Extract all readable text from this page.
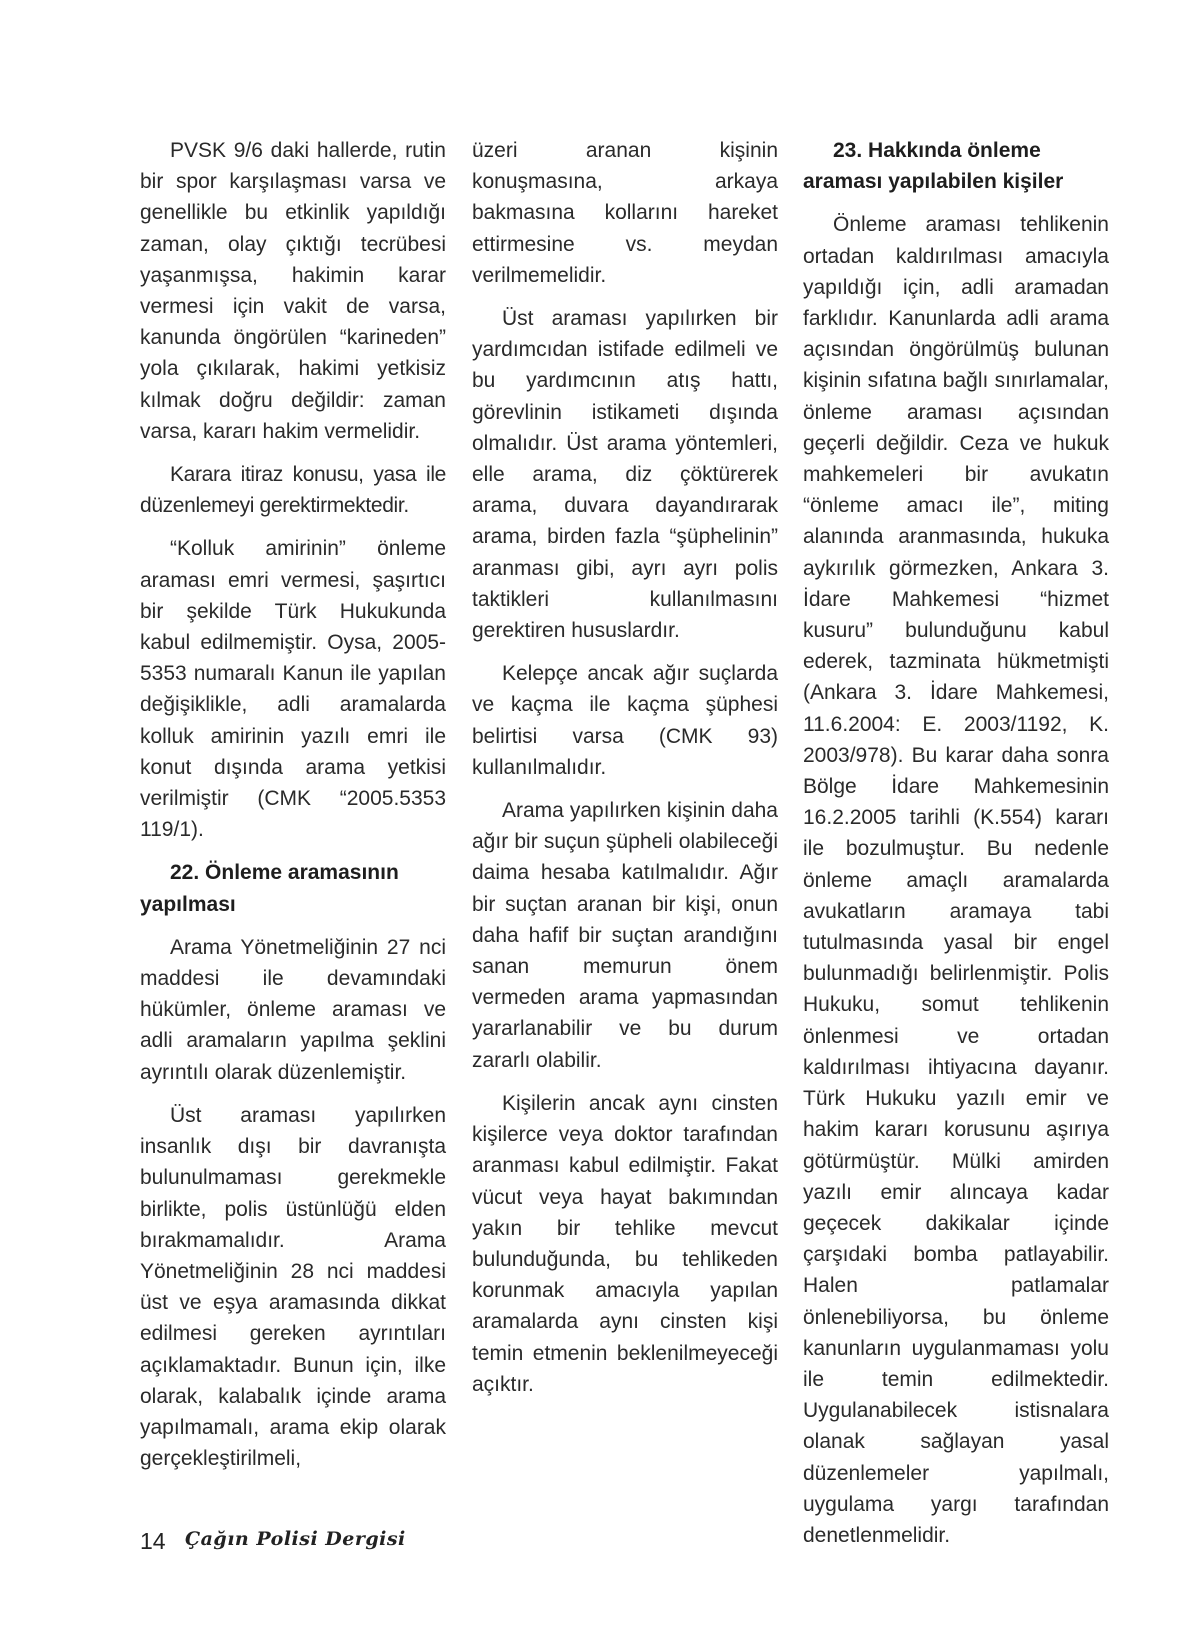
PVSK 9/6 daki hallerde, rutin bir spor karşılaşması varsa ve genellikle bu etkinlik yapıldığı zaman, olay çıktığı tecrübesi yaşanmışsa, hakimin karar vermesi için vakit de varsa, kanunda öngörülen “karineden” yola çıkılarak, hakimi yetkisiz kılmak doğru değildir: zaman varsa, kararı hakim vermelidir.

Karara itiraz konusu, yasa ile düzenlemeyi gerektirmektedir.

“Kolluk amirinin” önleme araması emri vermesi, şaşırtıcı bir şekilde Türk Hukukunda kabul edilmemiştir. Oysa, 2005-5353 numaralı Kanun ile yapılan değişiklikle, adli aramalarda kolluk amirinin yazılı emri ile konut dışında arama yetkisi verilmiştir (CMK “2005.5353 119/1).

22. Önleme aramasının yapılması

Arama Yönetmeliğinin 27 nci maddesi ile devamındaki hükümler, önleme araması ve adli aramaların yapılma şeklini ayrıntılı olarak düzenlemiştir.

Üst araması yapılırken insanlık dışı bir davranışta bulunulmaması gerekmekle birlikte, polis üstünlüğü elden bırakmamalıdır. Arama Yönetmeliğinin 28 nci maddesi üst ve eşya aramasında dikkat edilmesi gereken ayrıntıları açıklamaktadır. Bunun için, ilke olarak, kalabalık içinde arama yapılmamalı, arama ekip olarak gerçekleştirilmeli,

üzeri aranan kişinin konuşmasına, arkaya bakmasına kollarını hareket ettirmesine vs. meydan verilmemelidir.

Üst araması yapılırken bir yardımcıdan istifade edilmeli ve bu yardımcının atış hattı, görevlinin istikameti dışında olmalıdır. Üst arama yöntemleri, elle arama, diz çöktürerek arama, duvara dayandırarak arama, birden fazla “şüphelinin” aranması gibi, ayrı ayrı polis taktikleri kullanılmasını gerektiren hususlardır.

Kelepçe ancak ağır suçlarda ve kaçma ile kaçma şüphesi belirtisi varsa (CMK 93) kullanılmalıdır.

Arama yapılırken kişinin daha ağır bir suçun şüpheli olabileceği daima hesaba katılmalıdır. Ağır bir suçtan aranan bir kişi, onun daha hafif bir suçtan arandığını sanan memurun önem vermeden arama yapmasından yararlanabilir ve bu durum zararlı olabilir.

Kişilerin ancak aynı cinsten kişilerce veya doktor tarafından aranması kabul edilmiştir. Fakat vücut veya hayat bakımından yakın bir tehlike mevcut bulunduğunda, bu tehlikeden korunmak amacıyla yapılan aramalarda aynı cinsten kişi temin etmenin beklenilmeyeceği açıktır.

23. Hakkında önleme araması yapılabilen kişiler

Önleme araması tehlikenin ortadan kaldırılması amacıyla yapıldığı için, adli aramadan farklıdır. Kanunlarda adli arama açısından öngörülmüş bulunan kişinin sıfatına bağlı sınırlamalar, önleme araması açısından geçerli değildir. Ceza ve hukuk mahkemeleri bir avukatın “önleme amacı ile”, miting alanında aranmasında, hukuka aykırılık görmezken, Ankara 3. İdare Mahkemesi “hizmet kusuru” bulunduğunu kabul ederek, tazminata hükmetmişti (Ankara 3. İdare Mahkemesi, 11.6.2004: E. 2003/1192, K. 2003/978). Bu karar daha sonra Bölge İdare Mahkemesinin 16.2.2005 tarihli (K.554) kararı ile bozulmuştur. Bu nedenle önleme amaçlı aramalarda avukatların aramaya tabi tutulmasında yasal bir engel bulunmadığı belirlenmiştir. Polis Hukuku, somut tehlikenin önlenmesi ve ortadan kaldırılması ihtiyacına dayanır. Türk Hukuku yazılı emir ve hakim kararı korusunu aşırıya götürmüştür. Mülki amirden yazılı emir alıncaya kadar geçecek dakikalar içinde çarşıdaki bomba patlayabilir. Halen patlamalar önlenebiliyorsa, bu önleme kanunların uygulanmaması yolu ile temin edilmektedir. Uygulanabilecek istisnalara olanak sağlayan yasal düzenlemeler yapılmalı, uygulama yargı tarafından denetlenmelidir.

14 Çağın Polisi Dergisi
